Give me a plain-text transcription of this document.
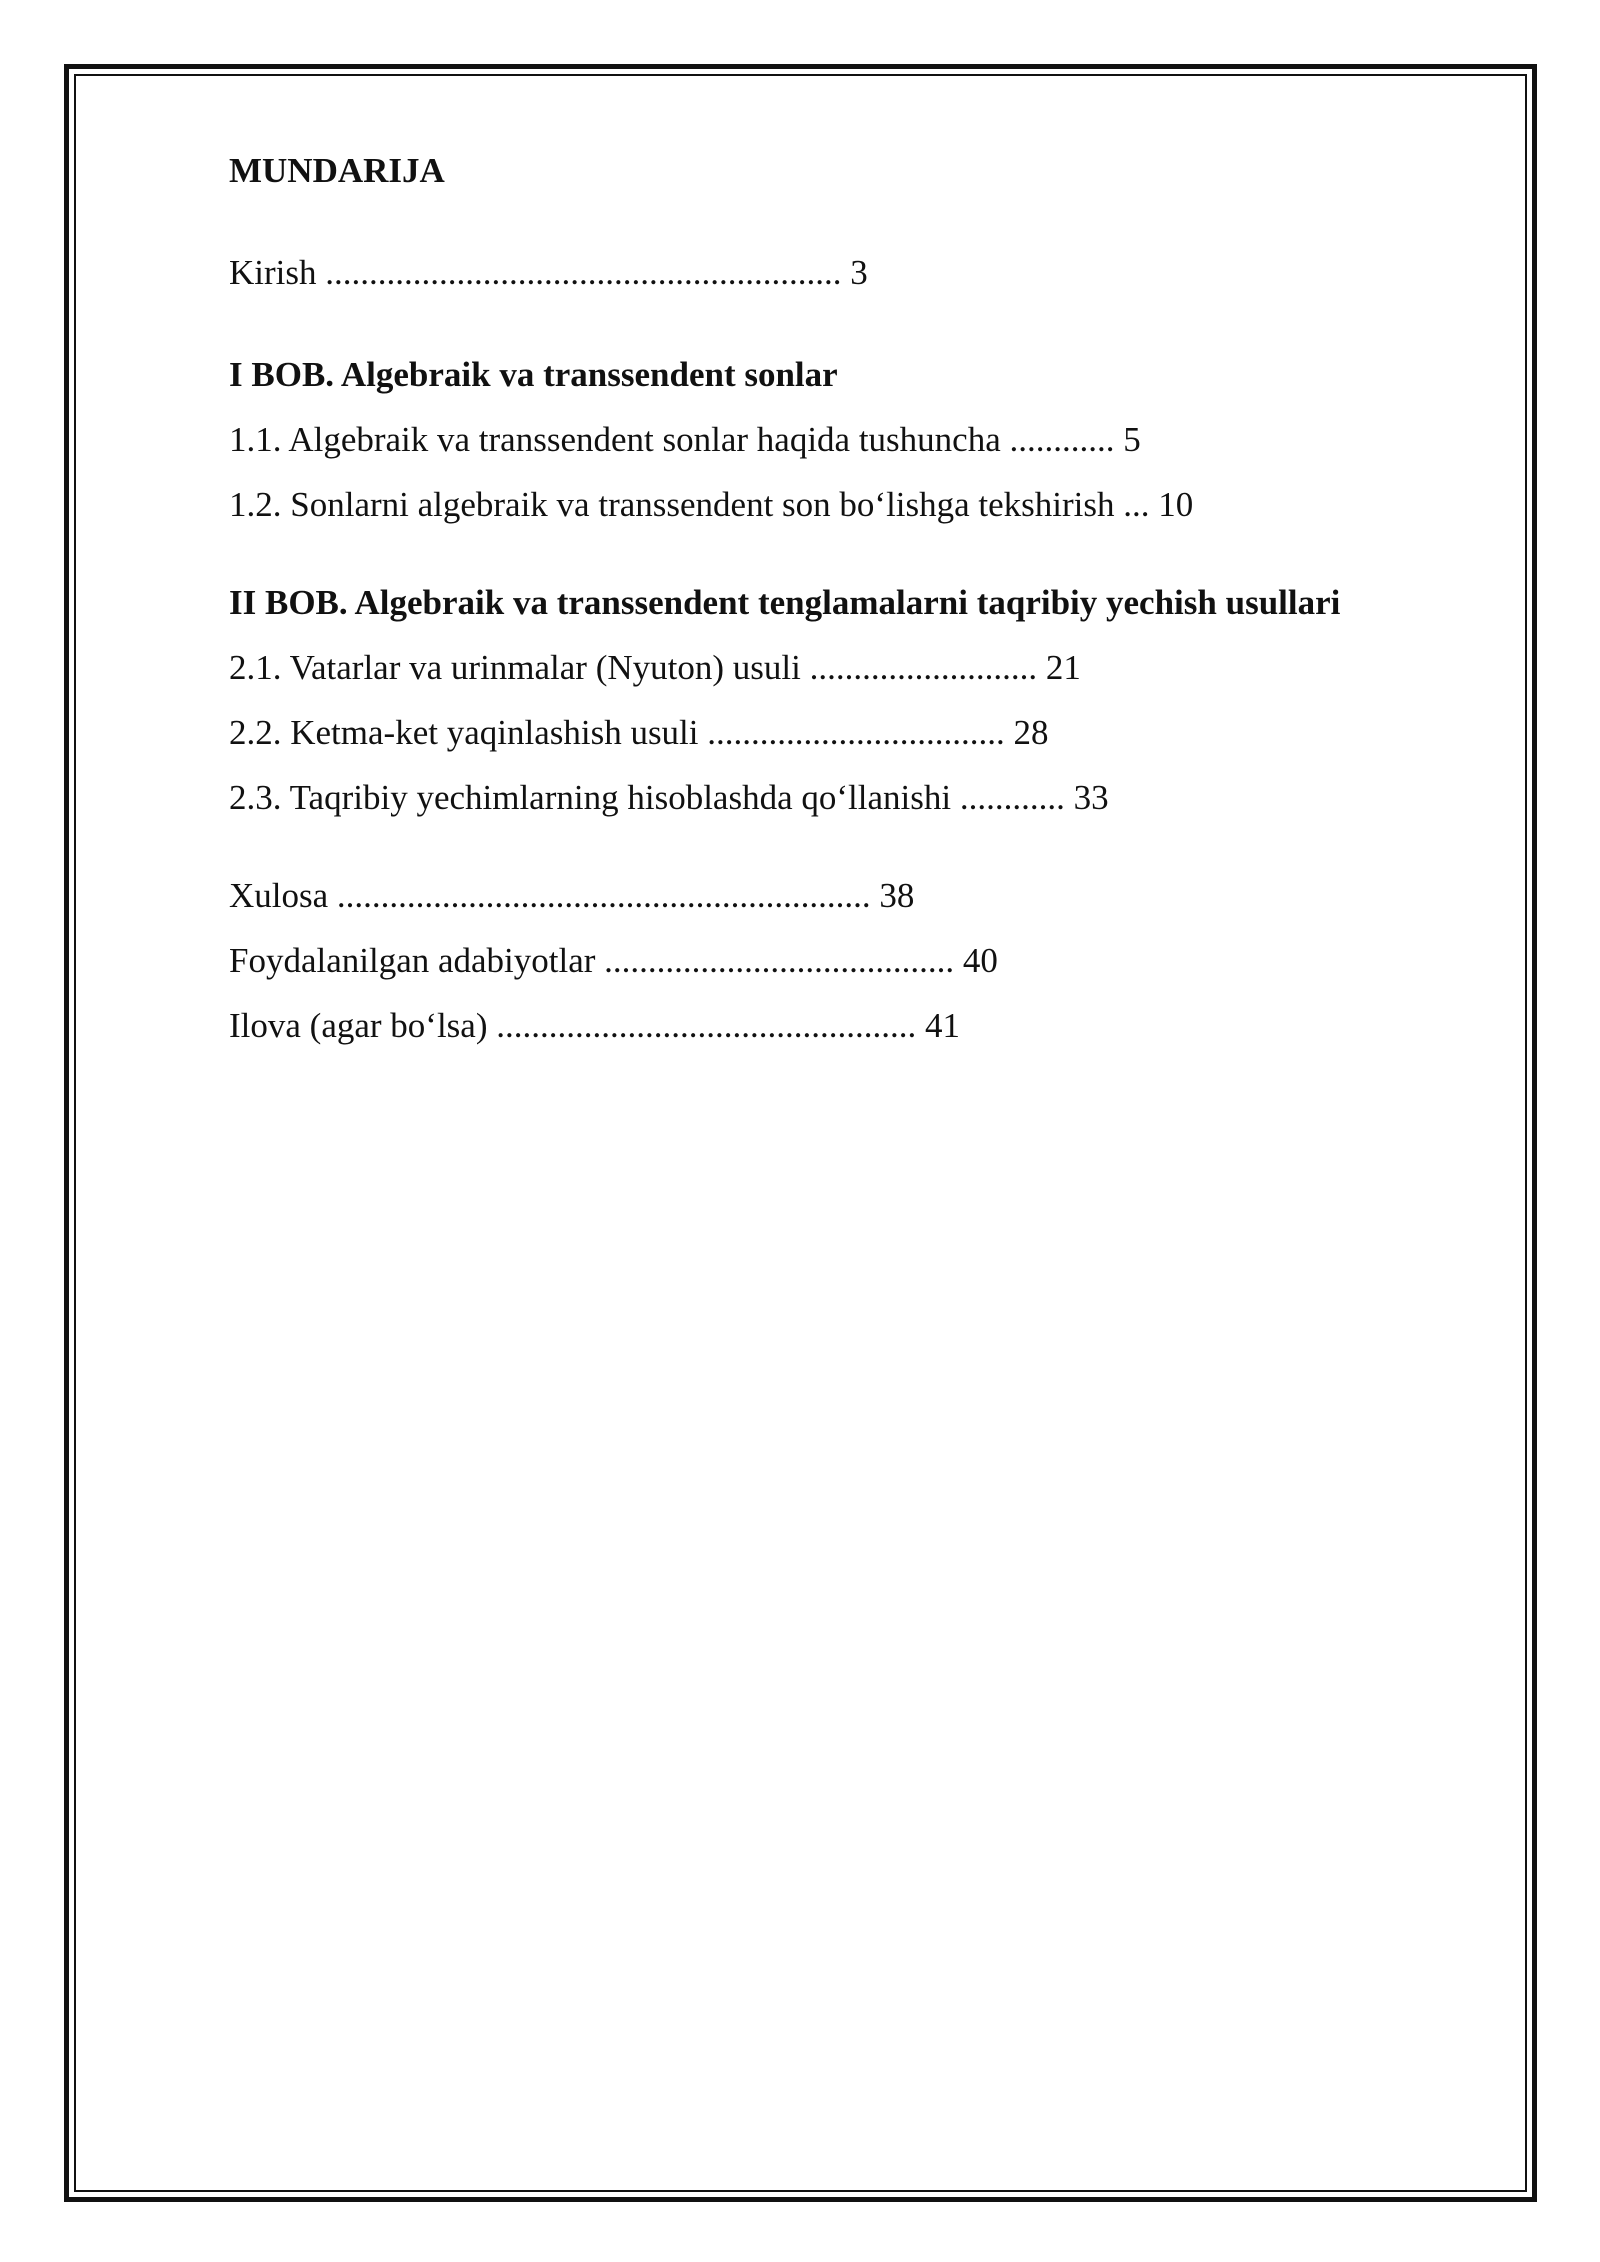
MUNDARIJA

Kirish ........................................................... 3

I BOB. Algebraik va transsendent sonlar

1.1. Algebraik va transsendent sonlar haqida tushuncha ............ 5

1.2. Sonlarni algebraik va transsendent son bo‘lishga tekshirish ... 10

II BOB. Algebraik va transsendent tenglamalarni taqribiy yechish usullari

2.1. Vatarlar va urinmalar (Nyuton) usuli .......................... 21

2.2. Ketma-ket yaqinlashish usuli .................................. 28

2.3. Taqribiy yechimlarning hisoblashda qo‘llanishi ............ 33

Xulosa ............................................................. 38

Foydalanilgan adabiyotlar ........................................ 40

Ilova (agar bo‘lsa) ................................................ 41
